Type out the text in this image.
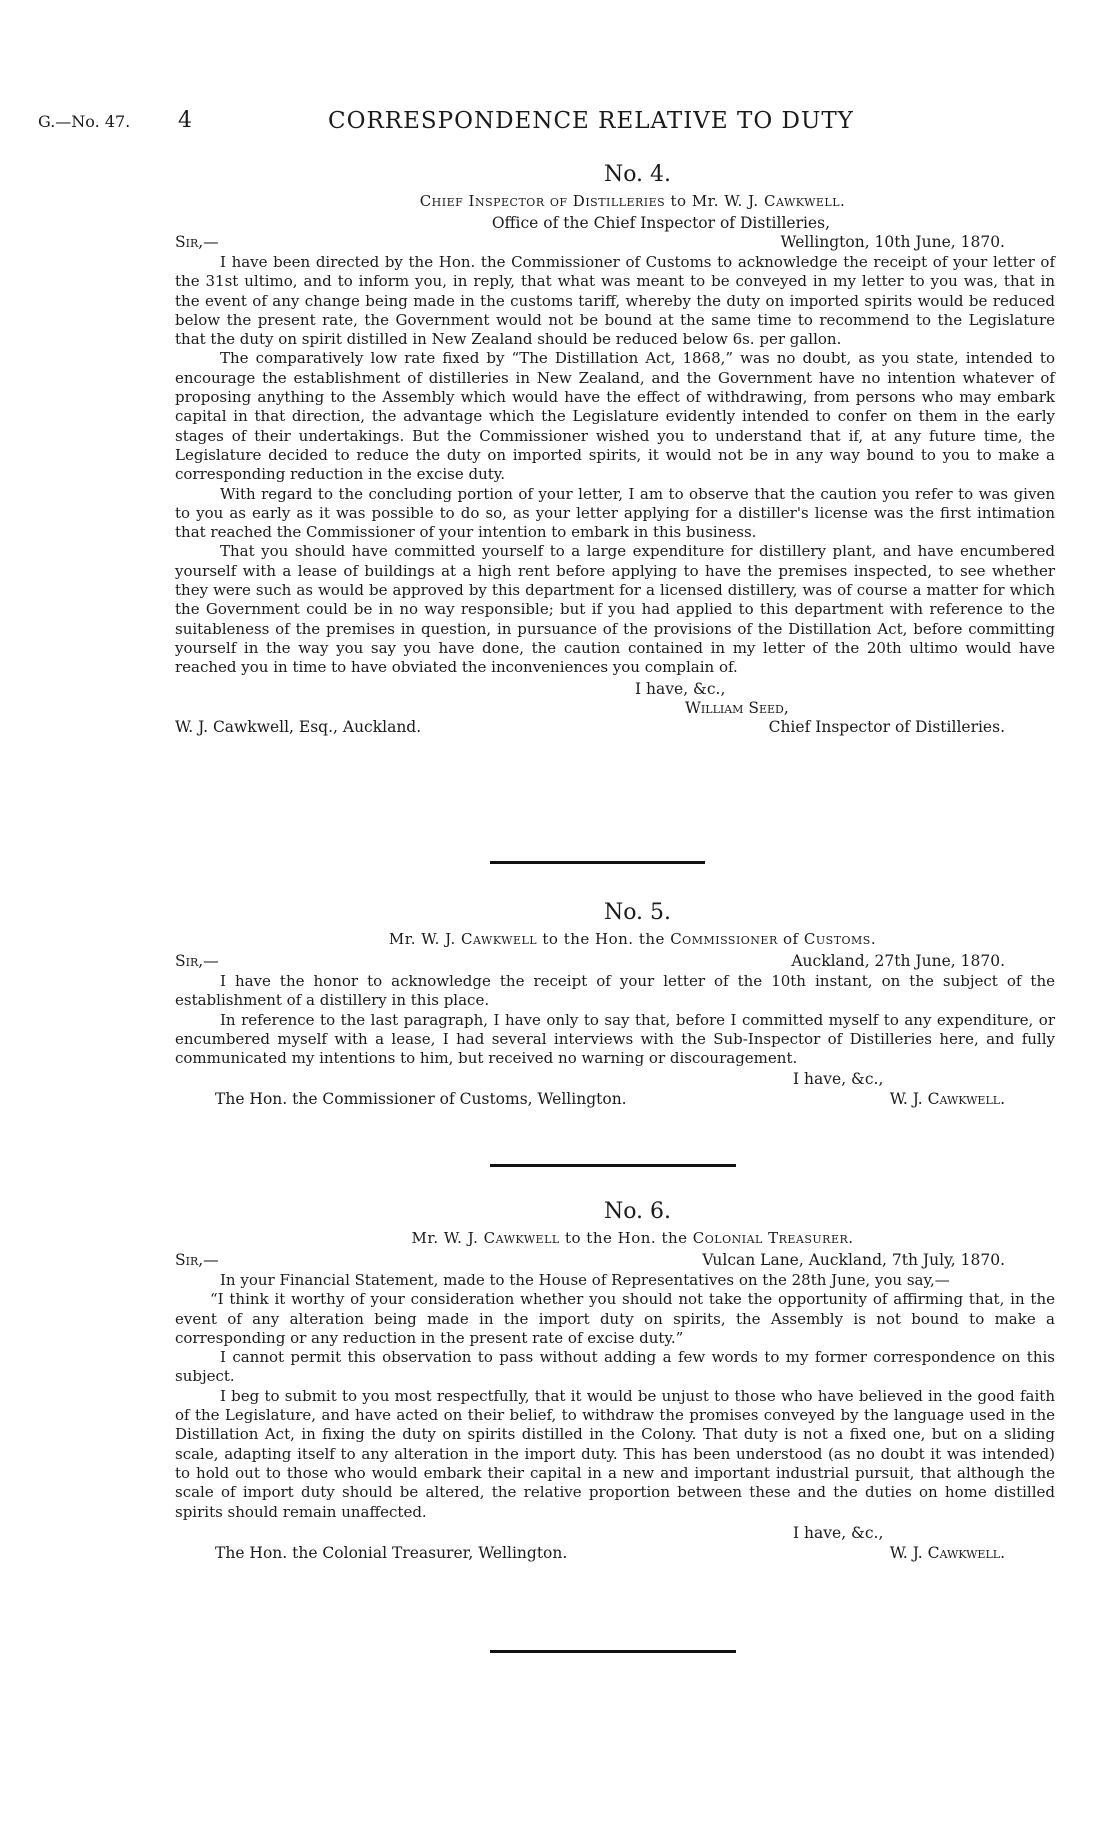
G.—No. 47. 4	CORRESPONDENCE RELATIVE TO DUTY
No. 4.
Chief Inspector of Distilleries to Mr. W. J. Cawkwell.
Office of the Chief Inspector of Distilleries,
Sir,—	Wellington, 10th June, 1870.

I have been directed by the Hon. the Commissioner of Customs to acknowledge the receipt of your letter of the 31st ultimo, and to inform you, in reply, that what was meant to be conveyed in my letter to you was, that in the event of any change being made in the customs tariff, whereby the duty on imported spirits would be reduced below the present rate, the Government would not be bound at the same time to recommend to the Legislature that the duty on spirit distilled in New Zealand should be reduced below 6s. per gallon.

The comparatively low rate fixed by “The Distillation Act, 1868,” was no doubt, as you state, intended to encourage the establishment of distilleries in New Zealand, and the Government have no intention whatever of proposing anything to the Assembly which would have the effect of withdrawing, from persons who may embark capital in that direction, the advantage which the Legislature evidently intended to confer on them in the early stages of their undertakings. But the Commissioner wished you to understand that if, at any future time, the Legislature decided to reduce the duty on imported spirits, it would not be in any way bound to you to make a corresponding reduction in the excise duty.

With regard to the concluding portion of your letter, I am to observe that the caution you refer to was given to you as early as it was possible to do so, as your letter applying for a distiller's license was the first intimation that reached the Commissioner of your intention to embark in this business.

That you should have committed yourself to a large expenditure for distillery plant, and have encumbered yourself with a lease of buildings at a high rent before applying to have the premises inspected, to see whether they were such as would be approved by this department for a licensed distillery, was of course a matter for which the Government could be in no way responsible; but if you had applied to this department with reference to the suitableness of the premises in question, in pursuance of the provisions of the Distillation Act, before committing yourself in the way you say you have done, the caution contained in my letter of the 20th ultimo would have reached you in time to have obviated the inconveniences you complain of.

I have, &c.,
William Seed,
W. J. Cawkwell, Esq., Auckland.	Chief Inspector of Distilleries.
No. 5.
Mr. W. J. Cawkwell to the Hon. the Commissioner of Customs.
Sir,—	Auckland, 27th June, 1870.

I have the honor to acknowledge the receipt of your letter of the 10th instant, on the subject of the establishment of a distillery in this place.

In reference to the last paragraph, I have only to say that, before I committed myself to any expenditure, or encumbered myself with a lease, I had several interviews with the Sub-Inspector of Distilleries here, and fully communicated my intentions to him, but received no warning or discouragement.

I have, &c.,
The Hon. the Commissioner of Customs, Wellington.	W. J. Cawkwell.
No. 6.
Mr. W. J. Cawkwell to the Hon. the Colonial Treasurer.
Sir,—	Vulcan Lane, Auckland, 7th July, 1870.

In your Financial Statement, made to the House of Representatives on the 28th June, you say,—

“I think it worthy of your consideration whether you should not take the opportunity of affirming that, in the event of any alteration being made in the import duty on spirits, the Assembly is not bound to make a corresponding or any reduction in the present rate of excise duty.”

I cannot permit this observation to pass without adding a few words to my former correspondence on this subject.

I beg to submit to you most respectfully, that it would be unjust to those who have believed in the good faith of the Legislature, and have acted on their belief, to withdraw the promises conveyed by the language used in the Distillation Act, in fixing the duty on spirits distilled in the Colony. That duty is not a fixed one, but on a sliding scale, adapting itself to any alteration in the import duty. This has been understood (as no doubt it was intended) to hold out to those who would embark their capital in a new and important industrial pursuit, that although the scale of import duty should be altered, the relative proportion between these and the duties on home distilled spirits should remain unaffected.

I have, &c.,
The Hon. the Colonial Treasurer, Wellington.	W. J. Cawkwell.
